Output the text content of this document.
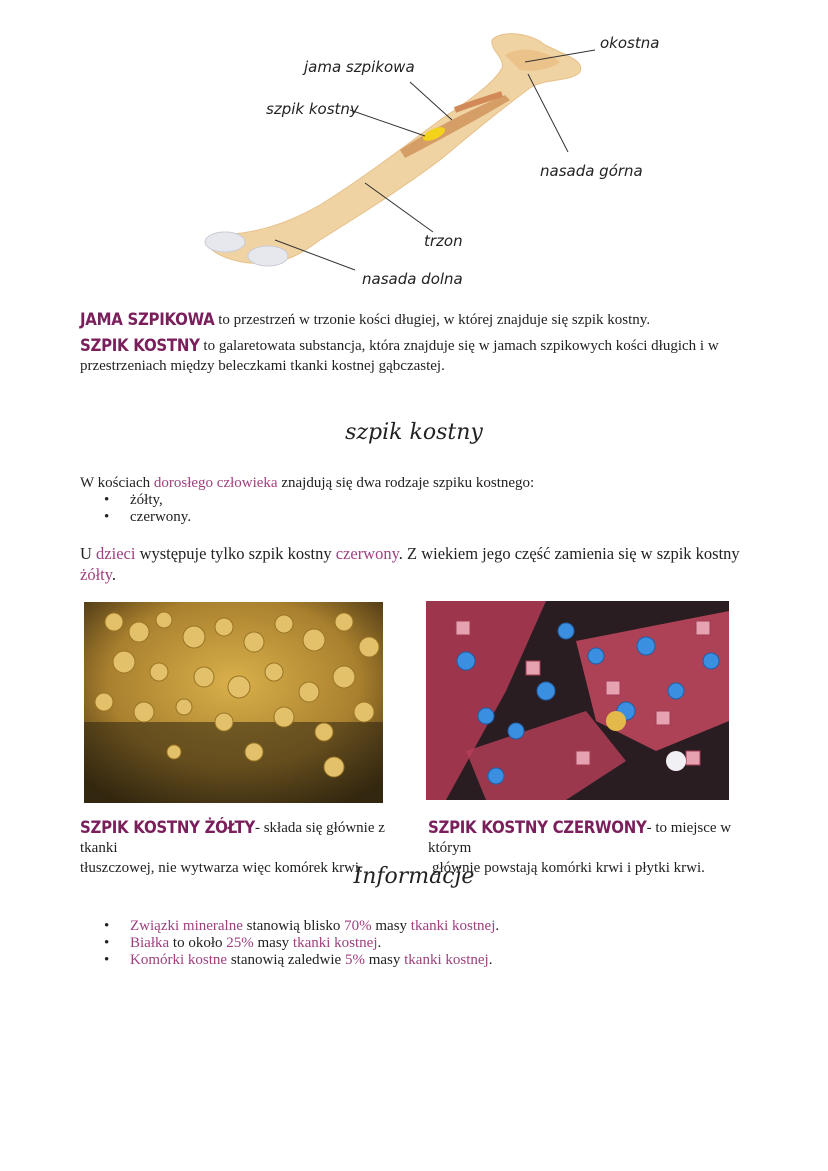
okostna
jama szpikowa
szpik kostny
nasada górna
trzon
nasada dolna
JAMA SZPIKOWA to przestrzeń w trzonie kości długiej, w której znajduje się szpik kostny.
SZPIK KOSTNY to galaretowata substancja, która znajduje się w jamach szpikowych kości długich i w
przestrzeniach między beleczkami tkanki kostnej gąbczastej.
szpik kostny
W kościach dorosłego człowieka znajdują się dwa rodzaje szpiku kostnego:
• żółty,
• czerwony.
U dzieci występuje tylko szpik kostny czerwony. Z wiekiem jego część zamienia się w szpik kostny
żółty.
SZPIK KOSTNY ŻÓŁTY- składa się głównie z tkanki
tłuszczowej, nie wytwarza więc komórek krwi.
SZPIK KOSTNY CZERWONY- to miejsce w którym
głównie powstają komórki krwi i płytki krwi.
Informacje
• Związki mineralne stanowią blisko 70% masy tkanki kostnej.
• Białka to około 25% masy tkanki kostnej.
• Komórki kostne stanowią zaledwie 5% masy tkanki kostnej.
